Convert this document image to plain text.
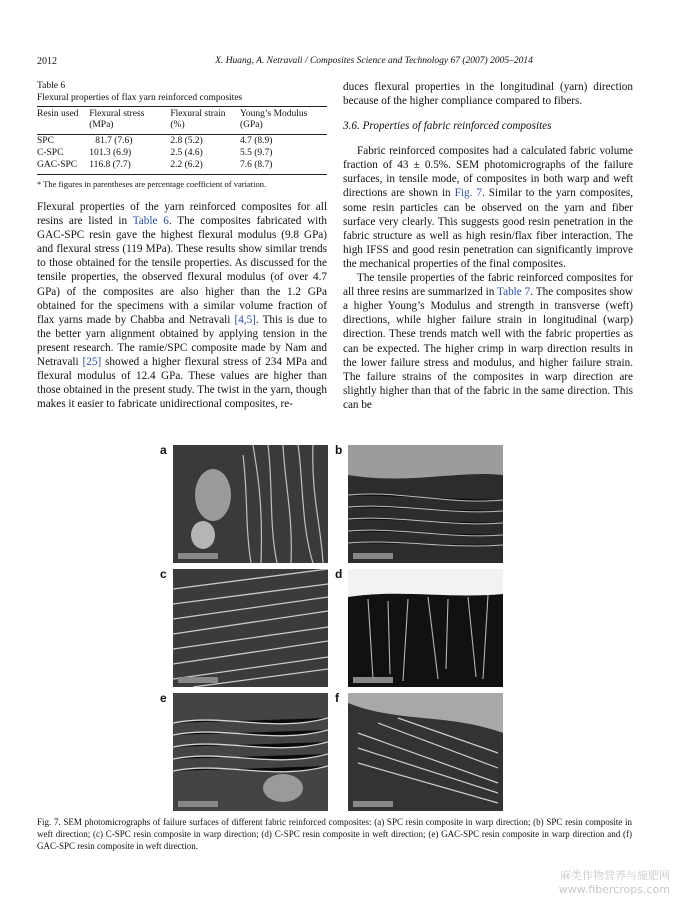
2012	X. Huang, A. Netravali / Composites Science and Technology 67 (2007) 2005–2014
Table 6
Flexural properties of flax yarn reinforced composites
Resin used	Flexural stress (MPa)	Flexural strain (%)	Young’s Modulus (GPa)
SPC	81.7 (7.6)	2.8 (5.2)	4.7 (8.9)
C-SPC	101.3 (6.9)	2.5 (4.6)	5.5 (9.7)
GAC-SPC	116.8 (7.7)	2.2 (6.2)	7.6 (8.7)
* The figures in parentheses are percentage coefficient of variation.

Flexural properties of the yarn reinforced composites for all resins are listed in Table 6. The composites fabricated with GAC-SPC resin gave the highest flexural modulus (9.8 GPa) and flexural stress (119 MPa). These results show similar trends to those obtained for the tensile properties. As discussed for the tensile properties, the observed flexural modulus (of over 4.7 GPa) of the composites are also higher than the 1.2 GPa obtained for the specimens with a similar volume fraction of flax yarns made by Chabba and Netravali [4,5]. This is due to the better yarn alignment obtained by applying tension in the present research. The ramie/SPC composite made by Nam and Netravali [25] showed a higher flexural stress of 234 MPa and flexural modulus of 12.4 GPa. These values are higher than those obtained in the present study. The twist in the yarn, though makes it easier to fabricate unidirectional composites, re-

duces flexural properties in the longitudinal (yarn) direction because of the higher compliance compared to fibers.

3.6. Properties of fabric reinforced composites

Fabric reinforced composites had a calculated fabric volume fraction of 43 ± 0.5%. SEM photomicrographs of the failure surfaces, in tensile mode, of composites in both warp and weft directions are shown in Fig. 7. Similar to the yarn composites, some resin particles can be observed on the yarn and fiber surface very clearly. This suggests good resin penetration in the fabric structure as well as high resin/flax fiber interaction. The high IFSS and good resin penetration can significantly improve the mechanical properties of the final composites.

The tensile properties of the fabric reinforced composites for all three resins are summarized in Table 7. The composites show a higher Young’s Modulus and strength in transverse (weft) directions, while higher failure strain in longitudinal (warp) direction. These trends match well with the fabric properties as can be expected. The higher crimp in warp direction results in the lower failure stress and modulus, and higher failure strain. The failure strains of the composites in warp direction are slightly higher than that of the fabric in the same direction. This can be

a	b
c	d
e	f
Fig. 7. SEM photomicrographs of failure surfaces of different fabric reinforced composites: (a) SPC resin composite in warp direction; (b) SPC resin composite in weft direction; (c) C-SPC resin composite in warp direction; (d) C-SPC resin composite in weft direction; (e) GAC-SPC resin composite in warp direction and (f) GAC-SPC resin composite in weft direction.
麻类作物营养与施肥网
www.fibercrops.com
